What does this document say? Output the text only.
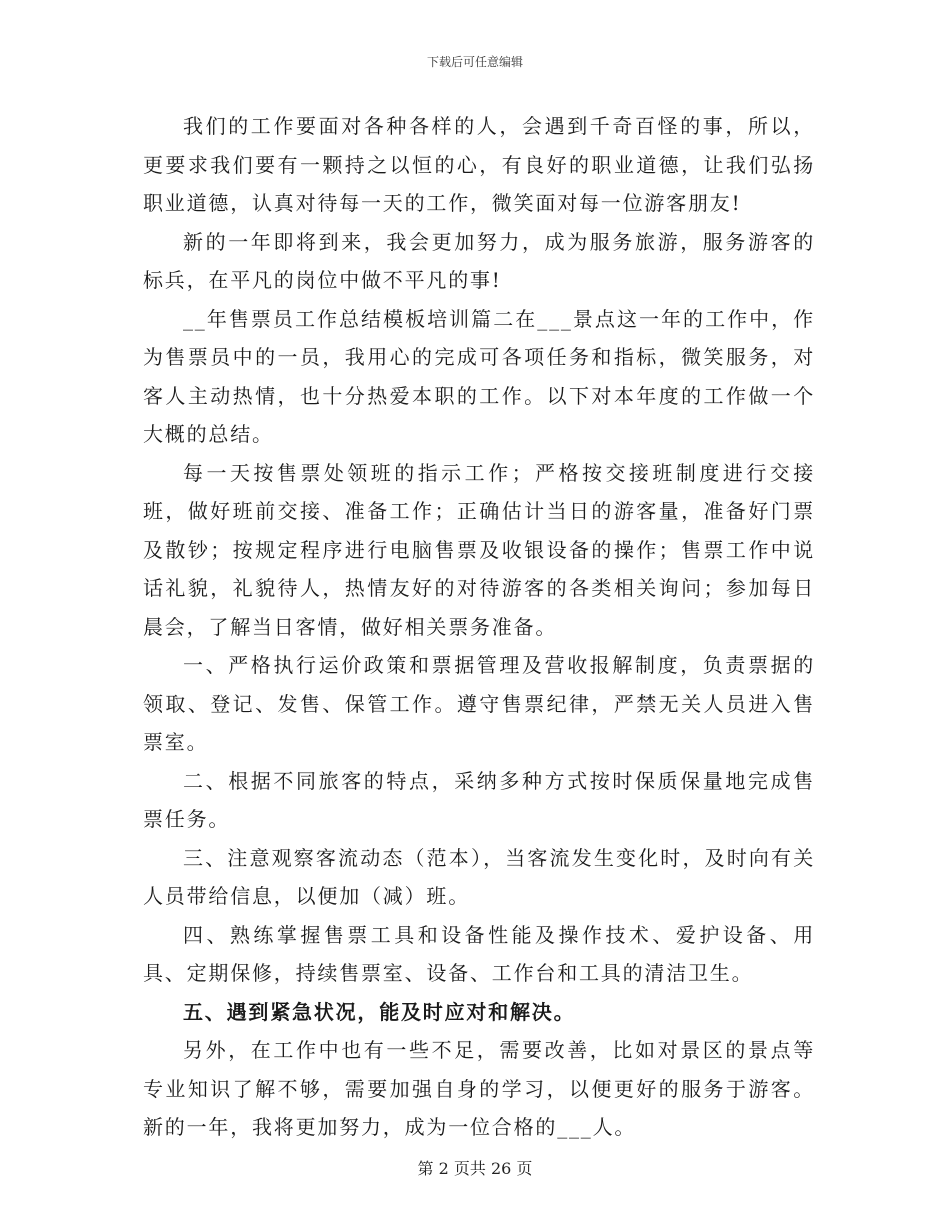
下载后可任意编辑

我们的工作要面对各种各样的人，会遇到千奇百怪的事，所以，更要求我们要有一颗持之以恒的心，有良好的职业道德，让我们弘扬职业道德，认真对待每一天的工作，微笑面对每一位游客朋友!

新的一年即将到来，我会更加努力，成为服务旅游，服务游客的标兵，在平凡的岗位中做不平凡的事!

__年售票员工作总结模板培训篇二在___景点这一年的工作中，作为售票员中的一员，我用心的完成可各项任务和指标，微笑服务，对客人主动热情，也十分热爱本职的工作。以下对本年度的工作做一个大概的总结。

每一天按售票处领班的指示工作；严格按交接班制度进行交接班，做好班前交接、准备工作；正确估计当日的游客量，准备好门票及散钞；按规定程序进行电脑售票及收银设备的操作；售票工作中说话礼貌，礼貌待人，热情友好的对待游客的各类相关询问；参加每日晨会，了解当日客情，做好相关票务准备。

一、严格执行运价政策和票据管理及营收报解制度，负责票据的领取、登记、发售、保管工作。遵守售票纪律，严禁无关人员进入售票室。

二、根据不同旅客的特点，采纳多种方式按时保质保量地完成售票任务。

三、注意观察客流动态（范本），当客流发生变化时，及时向有关人员带给信息，以便加（减）班。

四、熟练掌握售票工具和设备性能及操作技术、爱护设备、用具、定期保修，持续售票室、设备、工作台和工具的清洁卫生。

五、遇到紧急状况，能及时应对和解决。

另外，在工作中也有一些不足，需要改善，比如对景区的景点等专业知识了解不够，需要加强自身的学习，以便更好的服务于游客。新的一年，我将更加努力，成为一位合格的___人。

第 2 页共 26 页
